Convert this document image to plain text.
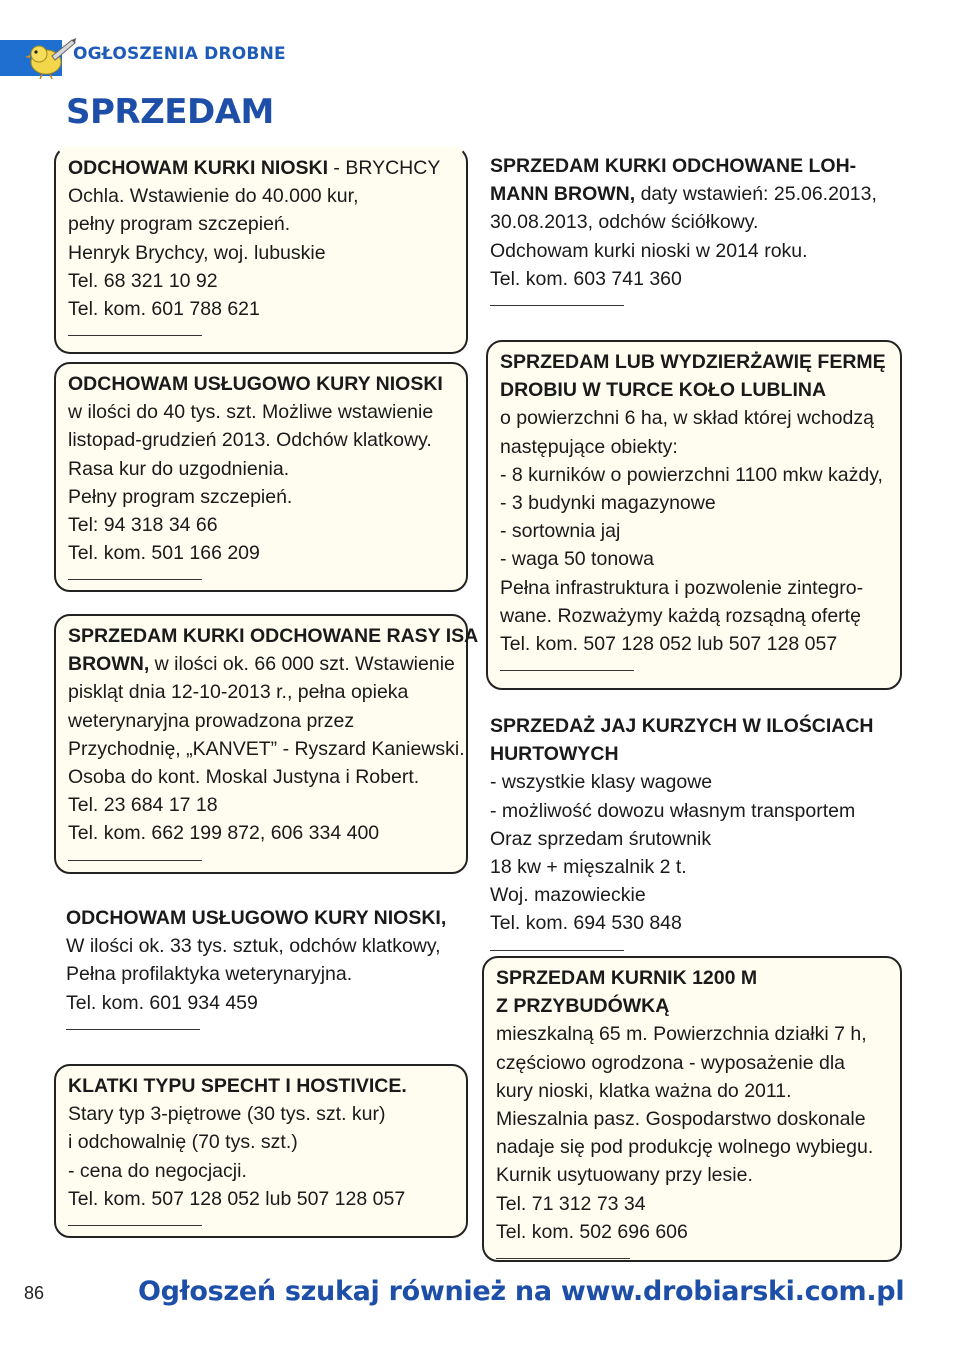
OGŁOSZENIA DROBNE
SPRZEDAM
ODCHOWAM KURKI NIOSKI - BRYCHCY
Ochla. Wstawienie do 40.000 kur,
pełny program szczepień.
Henryk Brychcy, woj. lubuskie
Tel. 68 321 10 92
Tel. kom. 601 788 621
ODCHOWAM USŁUGOWO KURY NIOSKI
w ilości do 40 tys. szt. Możliwe wstawienie
listopad-grudzień 2013. Odchów klatkowy.
Rasa kur do uzgodnienia.
Pełny program szczepień.
Tel: 94 318 34 66
Tel. kom. 501 166 209
SPRZEDAM KURKI ODCHOWANE RASY ISA
BROWN, w ilości ok. 66 000 szt. Wstawienie
piskląt dnia 12-10-2013 r., pełna opieka
weterynaryjna prowadzona przez
Przychodnię, „KANVET” - Ryszard Kaniewski.
Osoba do kont. Moskal Justyna i Robert.
Tel. 23 684 17 18
Tel. kom. 662 199 872, 606 334 400
ODCHOWAM USŁUGOWO KURY NIOSKI,
W ilości ok. 33 tys. sztuk, odchów klatkowy,
Pełna profilaktyka weterynaryjna.
Tel. kom. 601 934 459
KLATKI TYPU SPECHT I HOSTIVICE.
Stary typ 3-piętrowe (30 tys. szt. kur)
i odchowalnię (70 tys. szt.)
- cena do negocjacji.
Tel. kom. 507 128 052 lub 507 128 057
SPRZEDAM KURKI ODCHOWANE LOH-
MANN BROWN, daty wstawień: 25.06.2013,
30.08.2013, odchów ściółkowy.
Odchowam kurki nioski w 2014 roku.
Tel. kom. 603 741 360
SPRZEDAM LUB WYDZIERŻAWIĘ FERMĘ
DROBIU W TURCE KOŁO LUBLINA
o powierzchni 6 ha, w skład której wchodzą
następujące obiekty:
- 8 kurników o powierzchni 1100 mkw każdy,
- 3 budynki magazynowe
- sortownia jaj
- waga 50 tonowa
Pełna infrastruktura i pozwolenie zintegro-
wane. Rozważymy każdą rozsądną ofertę
Tel. kom. 507 128 052 lub 507 128 057
SPRZEDAŻ JAJ KURZYCH W ILOŚCIACH
HURTOWYCH
- wszystkie klasy wagowe
- możliwość dowozu własnym transportem
Oraz sprzedam śrutownik
18 kw + mięszalnik 2 t.
Woj. mazowieckie
Tel. kom. 694 530 848
SPRZEDAM KURNIK 1200 M
Z PRZYBUDÓWKĄ
mieszkalną 65 m. Powierzchnia działki 7 h,
częściowo ogrodzona - wyposażenie dla
kury nioski, klatka ważna do 2011.
Mieszalnia pasz. Gospodarstwo doskonale
nadaje się pod produkcję wolnego wybiegu.
Kurnik usytuowany przy lesie.
Tel. 71 312 73 34
Tel. kom. 502 696 606
86	Ogłoszeń szukaj również na www.drobiarski.com.pl
